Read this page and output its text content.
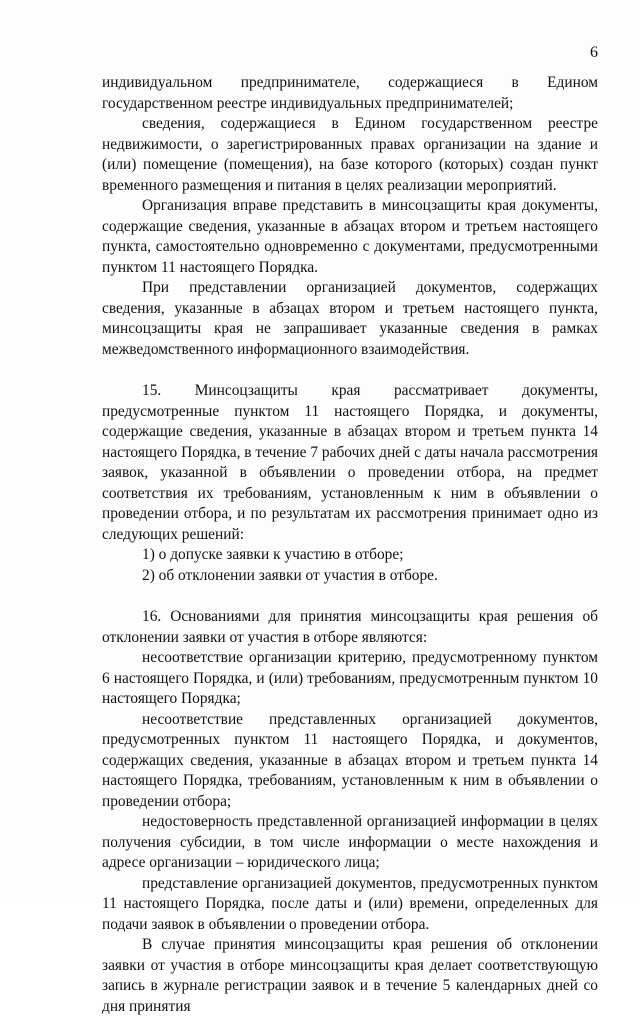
6

индивидуальном предпринимателе, содержащиеся в Едином государственном реестре индивидуальных предпринимателей;

сведения, содержащиеся в Едином государственном реестре недвижимости, о зарегистрированных правах организации на здание и (или) помещение (помещения), на базе которого (которых) создан пункт временного размещения и питания в целях реализации мероприятий.

Организация вправе представить в минсоцзащиты края документы, содержащие сведения, указанные в абзацах втором и третьем настоящего пункта, самостоятельно одновременно с документами, предусмотренными пунктом 11 настоящего Порядка.

При представлении организацией документов, содержащих сведения, указанные в абзацах втором и третьем настоящего пункта, минсоцзащиты края не запрашивает указанные сведения в рамках межведомственного информационного взаимодействия.

15. Минсоцзащиты края рассматривает документы, предусмотренные пунктом 11 настоящего Порядка, и документы, содержащие сведения, указанные в абзацах втором и третьем пункта 14 настоящего Порядка, в течение 7 рабочих дней с даты начала рассмотрения заявок, указанной в объявлении о проведении отбора, на предмет соответствия их требованиям, установленным к ним в объявлении о проведении отбора, и по результатам их рассмотрения принимает одно из следующих решений:

1) о допуске заявки к участию в отборе;

2) об отклонении заявки от участия в отборе.

16. Основаниями для принятия минсоцзащиты края решения об отклонении заявки от участия в отборе являются:

несоответствие организации критерию, предусмотренному пунктом 6 настоящего Порядка, и (или) требованиям, предусмотренным пунктом 10 настоящего Порядка;

несоответствие представленных организацией документов, предусмотренных пунктом 11 настоящего Порядка, и документов, содержащих сведения, указанные в абзацах втором и третьем пункта 14 настоящего Порядка, требованиям, установленным к ним в объявлении о проведении отбора;

недостоверность представленной организацией информации в целях получения субсидии, в том числе информации о месте нахождения и адресе организации – юридического лица;

представление организацией документов, предусмотренных пунктом 11 настоящего Порядка, после даты и (или) времени, определенных для подачи заявок в объявлении о проведении отбора.

В случае принятия минсоцзащиты края решения об отклонении заявки от участия в отборе минсоцзащиты края делает соответствующую запись в журнале регистрации заявок и в течение 5 календарных дней со дня принятия
